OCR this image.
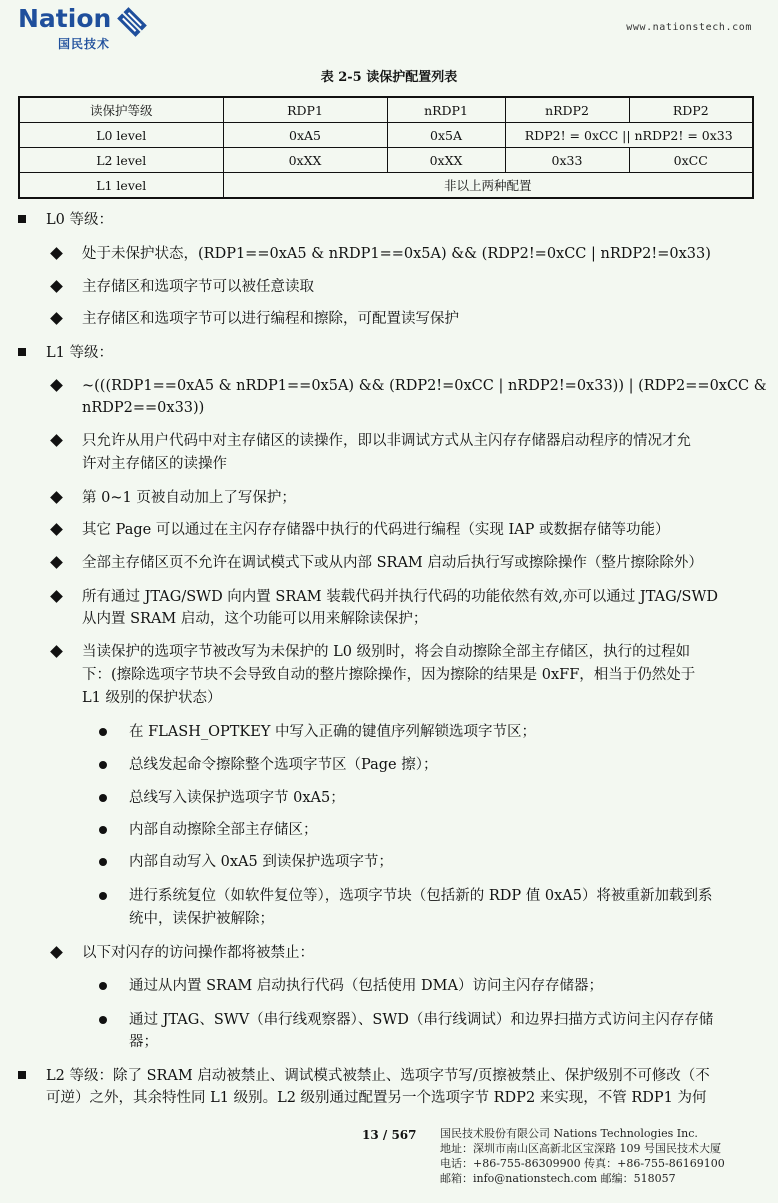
Nation
国民技术
www.nationstech.com
表 2-5 读保护配置列表
读保护等级	RDP1	nRDP1	nRDP2	RDP2
L0 level	0xA5	0x5A	RDP2! = 0xCC || nRDP2! = 0x33	
L2 level	0xXX	0xXX	0x33	0xCC
L1 level	非以上两种配置			
L0 等级：
处于未保护状态，(RDP1==0xA5 & nRDP1==0x5A) && (RDP2!=0xCC | nRDP2!=0x33)
主存储区和选项字节可以被任意读取
主存储区和选项字节可以进行编程和擦除，可配置读写保护
L1 等级：
~(((RDP1==0xA5 & nRDP1==0x5A) && (RDP2!=0xCC | nRDP2!=0x33)) | (RDP2==0xCC &
nRDP2==0x33))
只允许从用户代码中对主存储区的读操作，即以非调试方式从主闪存存储器启动程序的情况才允
许对主存储区的读操作
第 0~1 页被自动加上了写保护；
其它 Page 可以通过在主闪存存储器中执行的代码进行编程（实现 IAP 或数据存储等功能）
全部主存储区页不允许在调试模式下或从内部 SRAM 启动后执行写或擦除操作（整片擦除除外）
所有通过 JTAG/SWD 向内置 SRAM 装载代码并执行代码的功能依然有效,亦可以通过 JTAG/SWD
从内置 SRAM 启动，这个功能可以用来解除读保护；
当读保护的选项字节被改写为未保护的 L0 级别时，将会自动擦除全部主存储区，执行的过程如
下：(擦除选项字节块不会导致自动的整片擦除操作，因为擦除的结果是 0xFF，相当于仍然处于
L1 级别的保护状态）
在 FLASH_OPTKEY 中写入正确的键值序列解锁选项字节区；
总线发起命令擦除整个选项字节区（Page 擦）；
总线写入读保护选项字节 0xA5；
内部自动擦除全部主存储区；
内部自动写入 0xA5 到读保护选项字节；
进行系统复位（如软件复位等），选项字节块（包括新的 RDP 值 0xA5）将被重新加载到系
统中，读保护被解除；
以下对闪存的访问操作都将被禁止：
通过从内置 SRAM 启动执行代码（包括使用 DMA）访问主闪存存储器；
通过 JTAG、SWV（串行线观察器）、SWD（串行线调试）和边界扫描方式访问主闪存存储
器；
L2 等级：除了 SRAM 启动被禁止、调试模式被禁止、选项字节写/页擦被禁止、保护级别不可修改（不
可逆）之外，其余特性同 L1 级别。L2 级别通过配置另一个选项字节 RDP2 来实现，不管 RDP1 为何
13 / 567 国民技术股份有限公司 Nations Technologies Inc.
地址：深圳市南山区高新北区宝深路 109 号国民技术大厦
电话：+86-755-86309900 传真：+86-755-86169100
邮箱：info@nationstech.com 邮编：518057
